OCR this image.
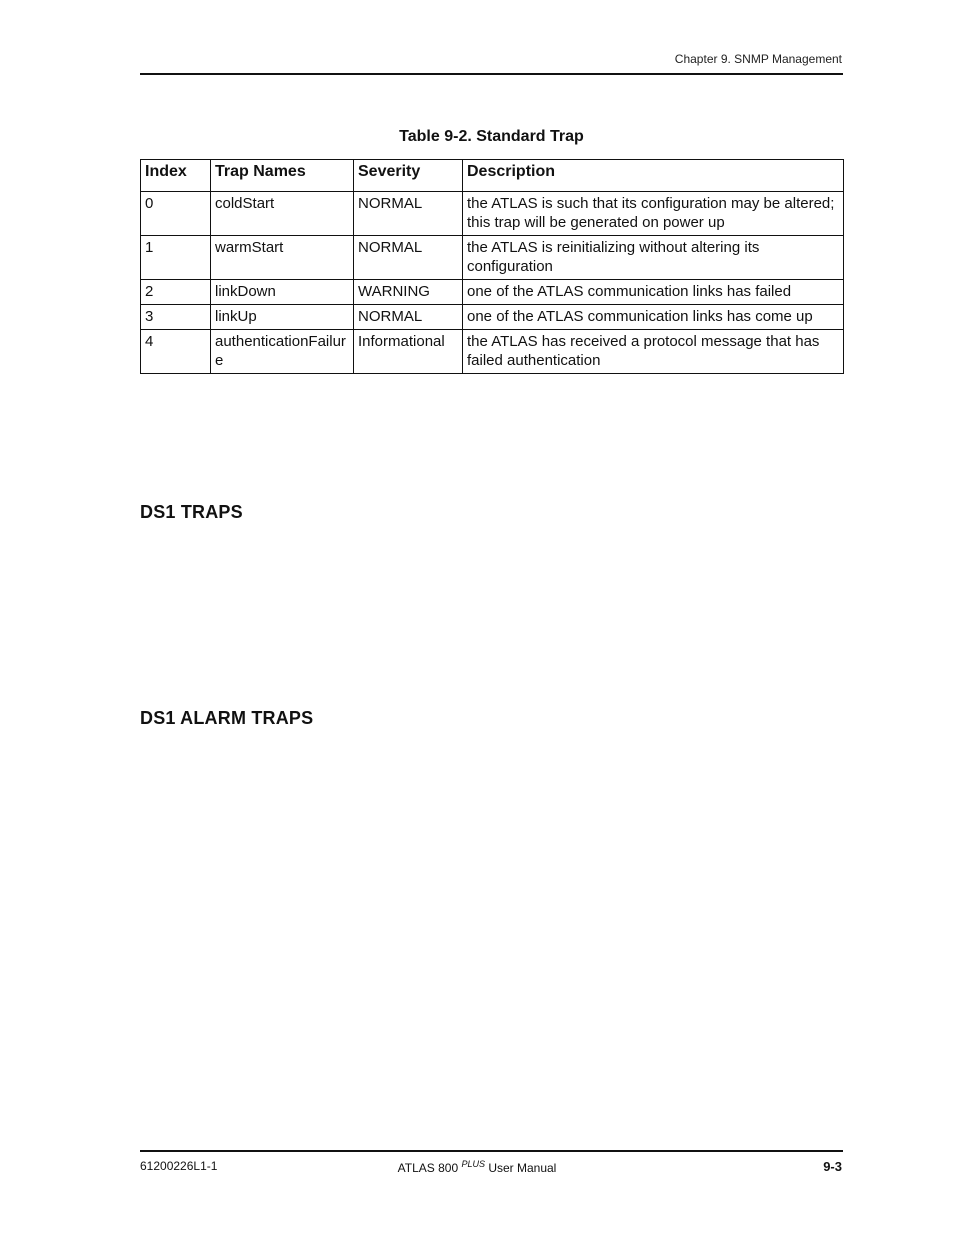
Chapter 9. SNMP Management
Table 9-2. Standard Trap
Index	Trap Names	Severity	Description
0	coldStart	NORMAL	the ATLAS is such that its configuration may be altered; this trap will be generated on power up
1	warmStart	NORMAL	the ATLAS is reinitializing without altering its configuration
2	linkDown	WARNING	one of the ATLAS communication links has failed
3	linkUp	NORMAL	one of the ATLAS communication links has come up
4	authenticationFailure	Informational	the ATLAS has received a protocol message that has failed authentication
DS1 TRAPS
DS1 ALARM TRAPS
61200226L1-1	ATLAS 800 $^{PLUS}$ User Manual	9-3
